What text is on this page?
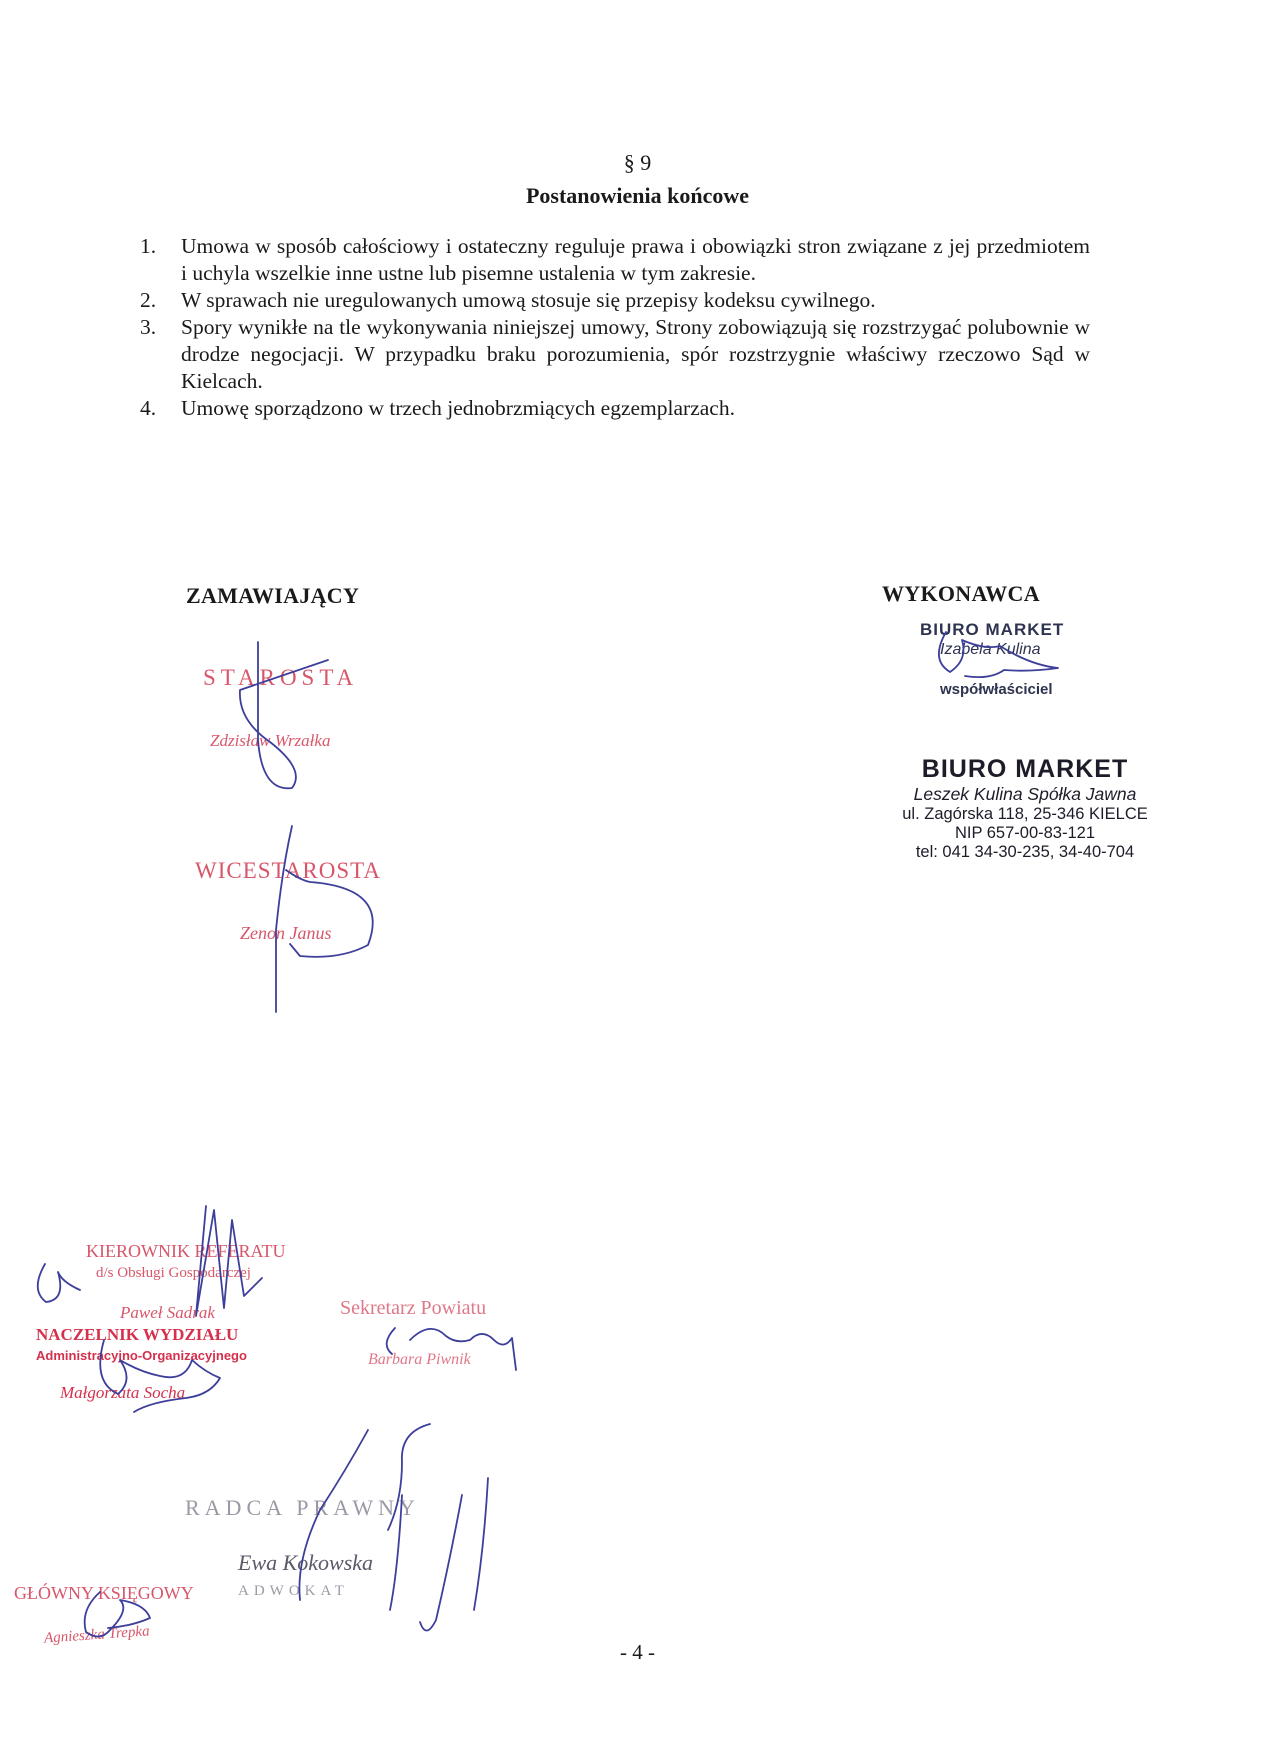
§ 9
Postanowienia końcowe
1. Umowa w sposób całościowy i ostateczny reguluje prawa i obowiązki stron związane z jej przedmiotem i uchyla wszelkie inne ustne lub pisemne ustalenia w tym zakresie.
2. W sprawach nie uregulowanych umową stosuje się przepisy kodeksu cywilnego.
3. Spory wynikłe na tle wykonywania niniejszej umowy, Strony zobowiązują się rozstrzygać polubownie w drodze negocjacji. W przypadku braku porozumienia, spór rozstrzygnie właściwy rzeczowo Sąd w Kielcach.
4. Umowę sporządzono w trzech jednobrzmiących egzemplarzach.
ZAMAWIAJĄCY	WYKONAWCA
STAROSTA
Zdzisław Wrzałka
WICESTAROSTA
Zenon Janus
BIURO MARKET
Izabela Kulina
współwłaściciel
BIURO MARKET
Leszek Kulina Spółka Jawna
ul. Zagórska 118, 25-346 KIELCE
NIP 657-00-83-121
tel: 041 34-30-235, 34-40-704
KIEROWNIK REFERATU
d/s Obsługi Gospodarczej
Paweł Sadrak
NACZELNIK WYDZIAŁU
Administracyjno-Organizacyjnego
Małgorzata Socha
Sekretarz Powiatu
Barbara Piwnik
RADCA PRAWNY
Ewa Kokowska
ADWOKAT
GŁÓWNY KSIĘGOWY
Agnieszka Trepka
- 4 -
